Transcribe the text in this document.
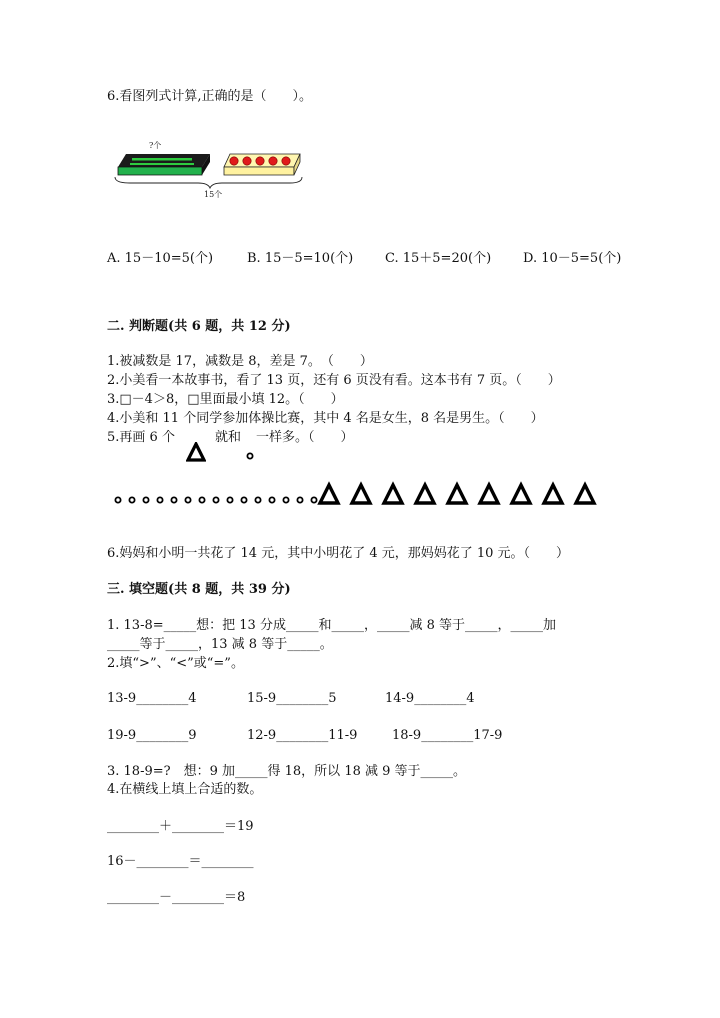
6.看图列式计算,正确的是（　　）。
?个
15个
A. 15－10=5(个)	B. 15－5=10(个) C. 15＋5=20(个) D. 10－5=5(个)
二. 判断题(共 6 题，共 12 分)
1.被减数是 17，减数是 8，差是 7。　（　　）
2.小美看一本故事书，看了 13 页，还有 6 页没有看。这本书有 7 页。（　　）
3.□－4＞8，□里面最小填 12。（　　）
4.小美和 11 个同学参加体操比赛，其中 4 名是女生，8 名是男生。（　　）
5.再画 6 个	就和 一样多。（　　）
6.妈妈和小明一共花了 14 元，其中小明花了 4 元，那妈妈花了 10 元。（　　）
三. 填空题(共 8 题，共 39 分)
1. 13-8=_____想：把 13 分成_____和_____，_____减 8 等于_____，_____加
_____等于_____，13 减 8 等于_____。
2.填“>”、“<”或“=”。
13-9________4	15-9________5	14-9________4
19-9________9	12-9________11-9	18-9________17-9
3. 18-9=?　想：9 加_____得 18，所以 18 减 9 等于_____。
4.在横线上填上合适的数。
________＋________＝19
16－________＝________
________－________＝8
